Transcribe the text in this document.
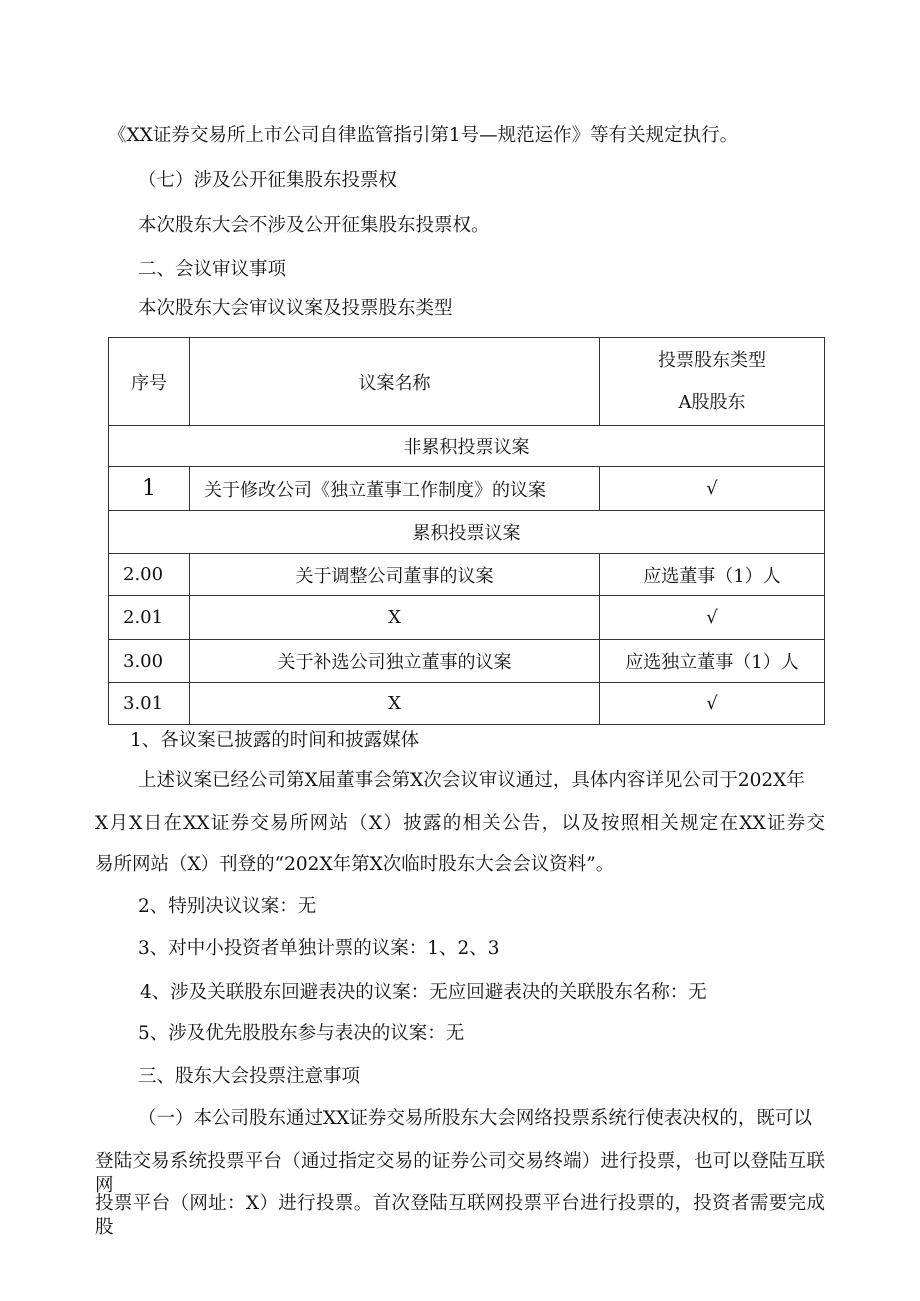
《XX证券交易所上市公司自律监管指引第1号—规范运作》等有关规定执行。
（七）涉及公开征集股东投票权
本次股东大会不涉及公开征集股东投票权。
二、会议审议事项
本次股东大会审议议案及投票股东类型
序号	议案名称	投票股东类型
A股股东

非累积投票议案		
1	关于修改公司《独立董事工作制度》的议案	√
累积投票议案		
2.00	关于调整公司董事的议案	应选董事（1）人
2.01	X	√
3.00	关于补选公司独立董事的议案	应选独立董事（1）人
3.01	X	√
1、各议案已披露的时间和披露媒体
上述议案已经公司第X届董事会第X次会议审议通过，具体内容详见公司于202X年
X月X日在XX证券交易所网站（X）披露的相关公告，以及按照相关规定在XX证券交
易所网站（X）刊登的“202X年第X次临时股东大会会议资料”。
2、特别决议议案：无
3、对中小投资者单独计票的议案：1、2、3
4、涉及关联股东回避表决的议案：无应回避表决的关联股东名称：无
5、涉及优先股股东参与表决的议案：无
三、股东大会投票注意事项
（一）本公司股东通过XX证券交易所股东大会网络投票系统行使表决权的，既可以
登陆交易系统投票平台（通过指定交易的证券公司交易终端）进行投票，也可以登陆互联网
投票平台（网址：X）进行投票。首次登陆互联网投票平台进行投票的，投资者需要完成股
